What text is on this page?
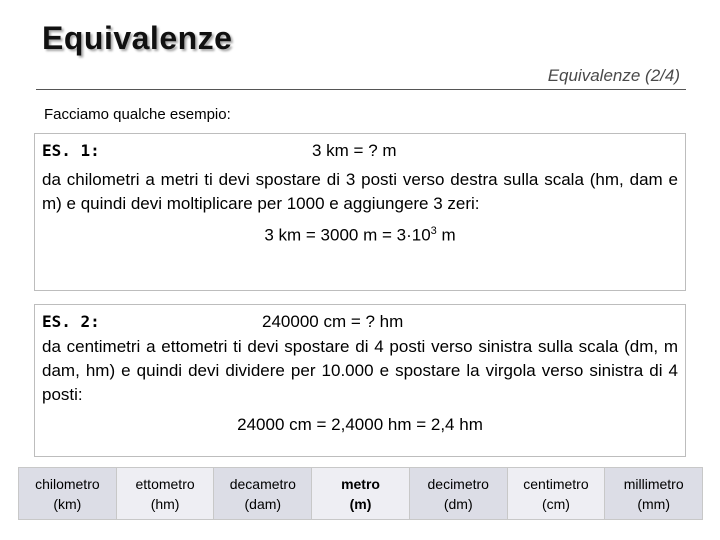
Equivalenze
Equivalenze (2/4)
Facciamo qualche esempio:
ES. 1:	3 km = ? m
da chilometri a metri ti devi spostare di 3 posti verso destra sulla scala (hm, dam e m) e quindi devi moltiplicare per 1000 e aggiungere 3 zeri:
3 km = 3000 $m = 3\cdot 10^3$ m
ES. 2:	240000 cm = ? hm
da centimetri a ettometri ti devi spostare di 4 posti verso sinistra sulla scala (dm, m dam, hm) e quindi devi dividere per 10.000 e spostare la virgola verso sinistra di 4 posti:
24000 cm = 2,4000 hm = 2,4 hm
chilometro
(km)
ettometro
(hm)
decametro
(dam)
metro
(m)
decimetro
(dm)
centimetro
(cm)
millimetro
(mm)
